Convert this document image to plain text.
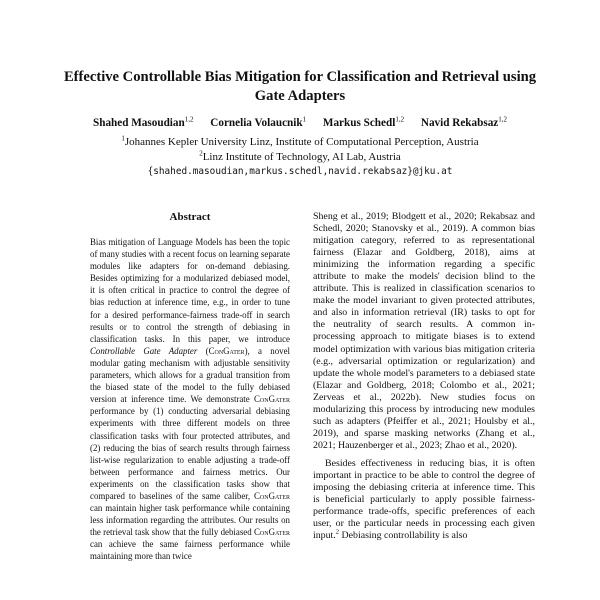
Effective Controllable Bias Mitigation for Classification and Retrieval using Gate Adapters
Shahed Masoudian$^{1,2}$ Cornelia Volaucnik$^1$ Markus Schedl$^{1,2}$ Navid Rekabsaz$^{1,2}$
$^1$Johannes Kepler University Linz, Institute of Computational Perception, Austria
$^2$Linz Institute of Technology, AI Lab, Austria
{shahed.masoudian,markus.schedl,navid.rekabsaz}@jku.at
Abstract
Bias mitigation of Language Models has been the topic of many studies with a recent focus on learning separate modules like adapters for on-demand debiasing. Besides optimizing for a modularized debiased model, it is often critical in practice to control the degree of bias reduction at inference time, e.g., in order to tune for a desired performance-fairness trade-off in search results or to control the strength of debiasing in classification tasks. In this paper, we introduce Controllable Gate Adapter (ConGater), a novel modular gating mechanism with adjustable sensitivity parameters, which allows for a gradual transition from the biased state of the model to the fully debiased version at inference time. We demonstrate ConGater performance by (1) conducting adversarial debiasing experiments with three different models on three classification tasks with four protected attributes, and (2) reducing the bias of search results through fairness list-wise regularization to enable adjusting a trade-off between performance and fairness metrics. Our experiments on the classification tasks show that compared to baselines of the same caliber, ConGater can maintain higher task performance while containing less information regarding the attributes. Our results on the retrieval task show that the fully debiased ConGater can achieve the same fairness performance while maintaining more than twice

Sheng et al., 2019; Blodgett et al., 2020; Rekabsaz and Schedl, 2020; Stanovsky et al., 2019). A common bias mitigation category, referred to as representational fairness (Elazar and Goldberg, 2018), aims at minimizing the information regarding a specific attribute to make the models' decision blind to the attribute. This is realized in classification scenarios to make the model invariant to given protected attributes, and also in information retrieval (IR) tasks to opt for the neutrality of search results. A common in-processing approach to mitigate biases is to extend model optimization with various bias mitigation criteria (e.g., adversarial optimization or regularization) and update the whole model's parameters to a debiased state (Elazar and Goldberg, 2018; Colombo et al., 2021; Zerveas et al., 2022b). New studies focus on modularizing this process by introducing new modules such as adapters (Pfeiffer et al., 2021; Houlsby et al., 2019), and sparse masking networks (Zhang et al., 2021; Hauzenberger et al., 2023; Zhao et al., 2020).

Besides effectiveness in reducing bias, it is often important in practice to be able to control the degree of imposing the debiasing criteria at inference time. This is beneficial particularly to apply possible fairness-performance trade-offs, specific preferences of each user, or the particular needs in processing each given input.$^2$ Debiasing controllability is also
